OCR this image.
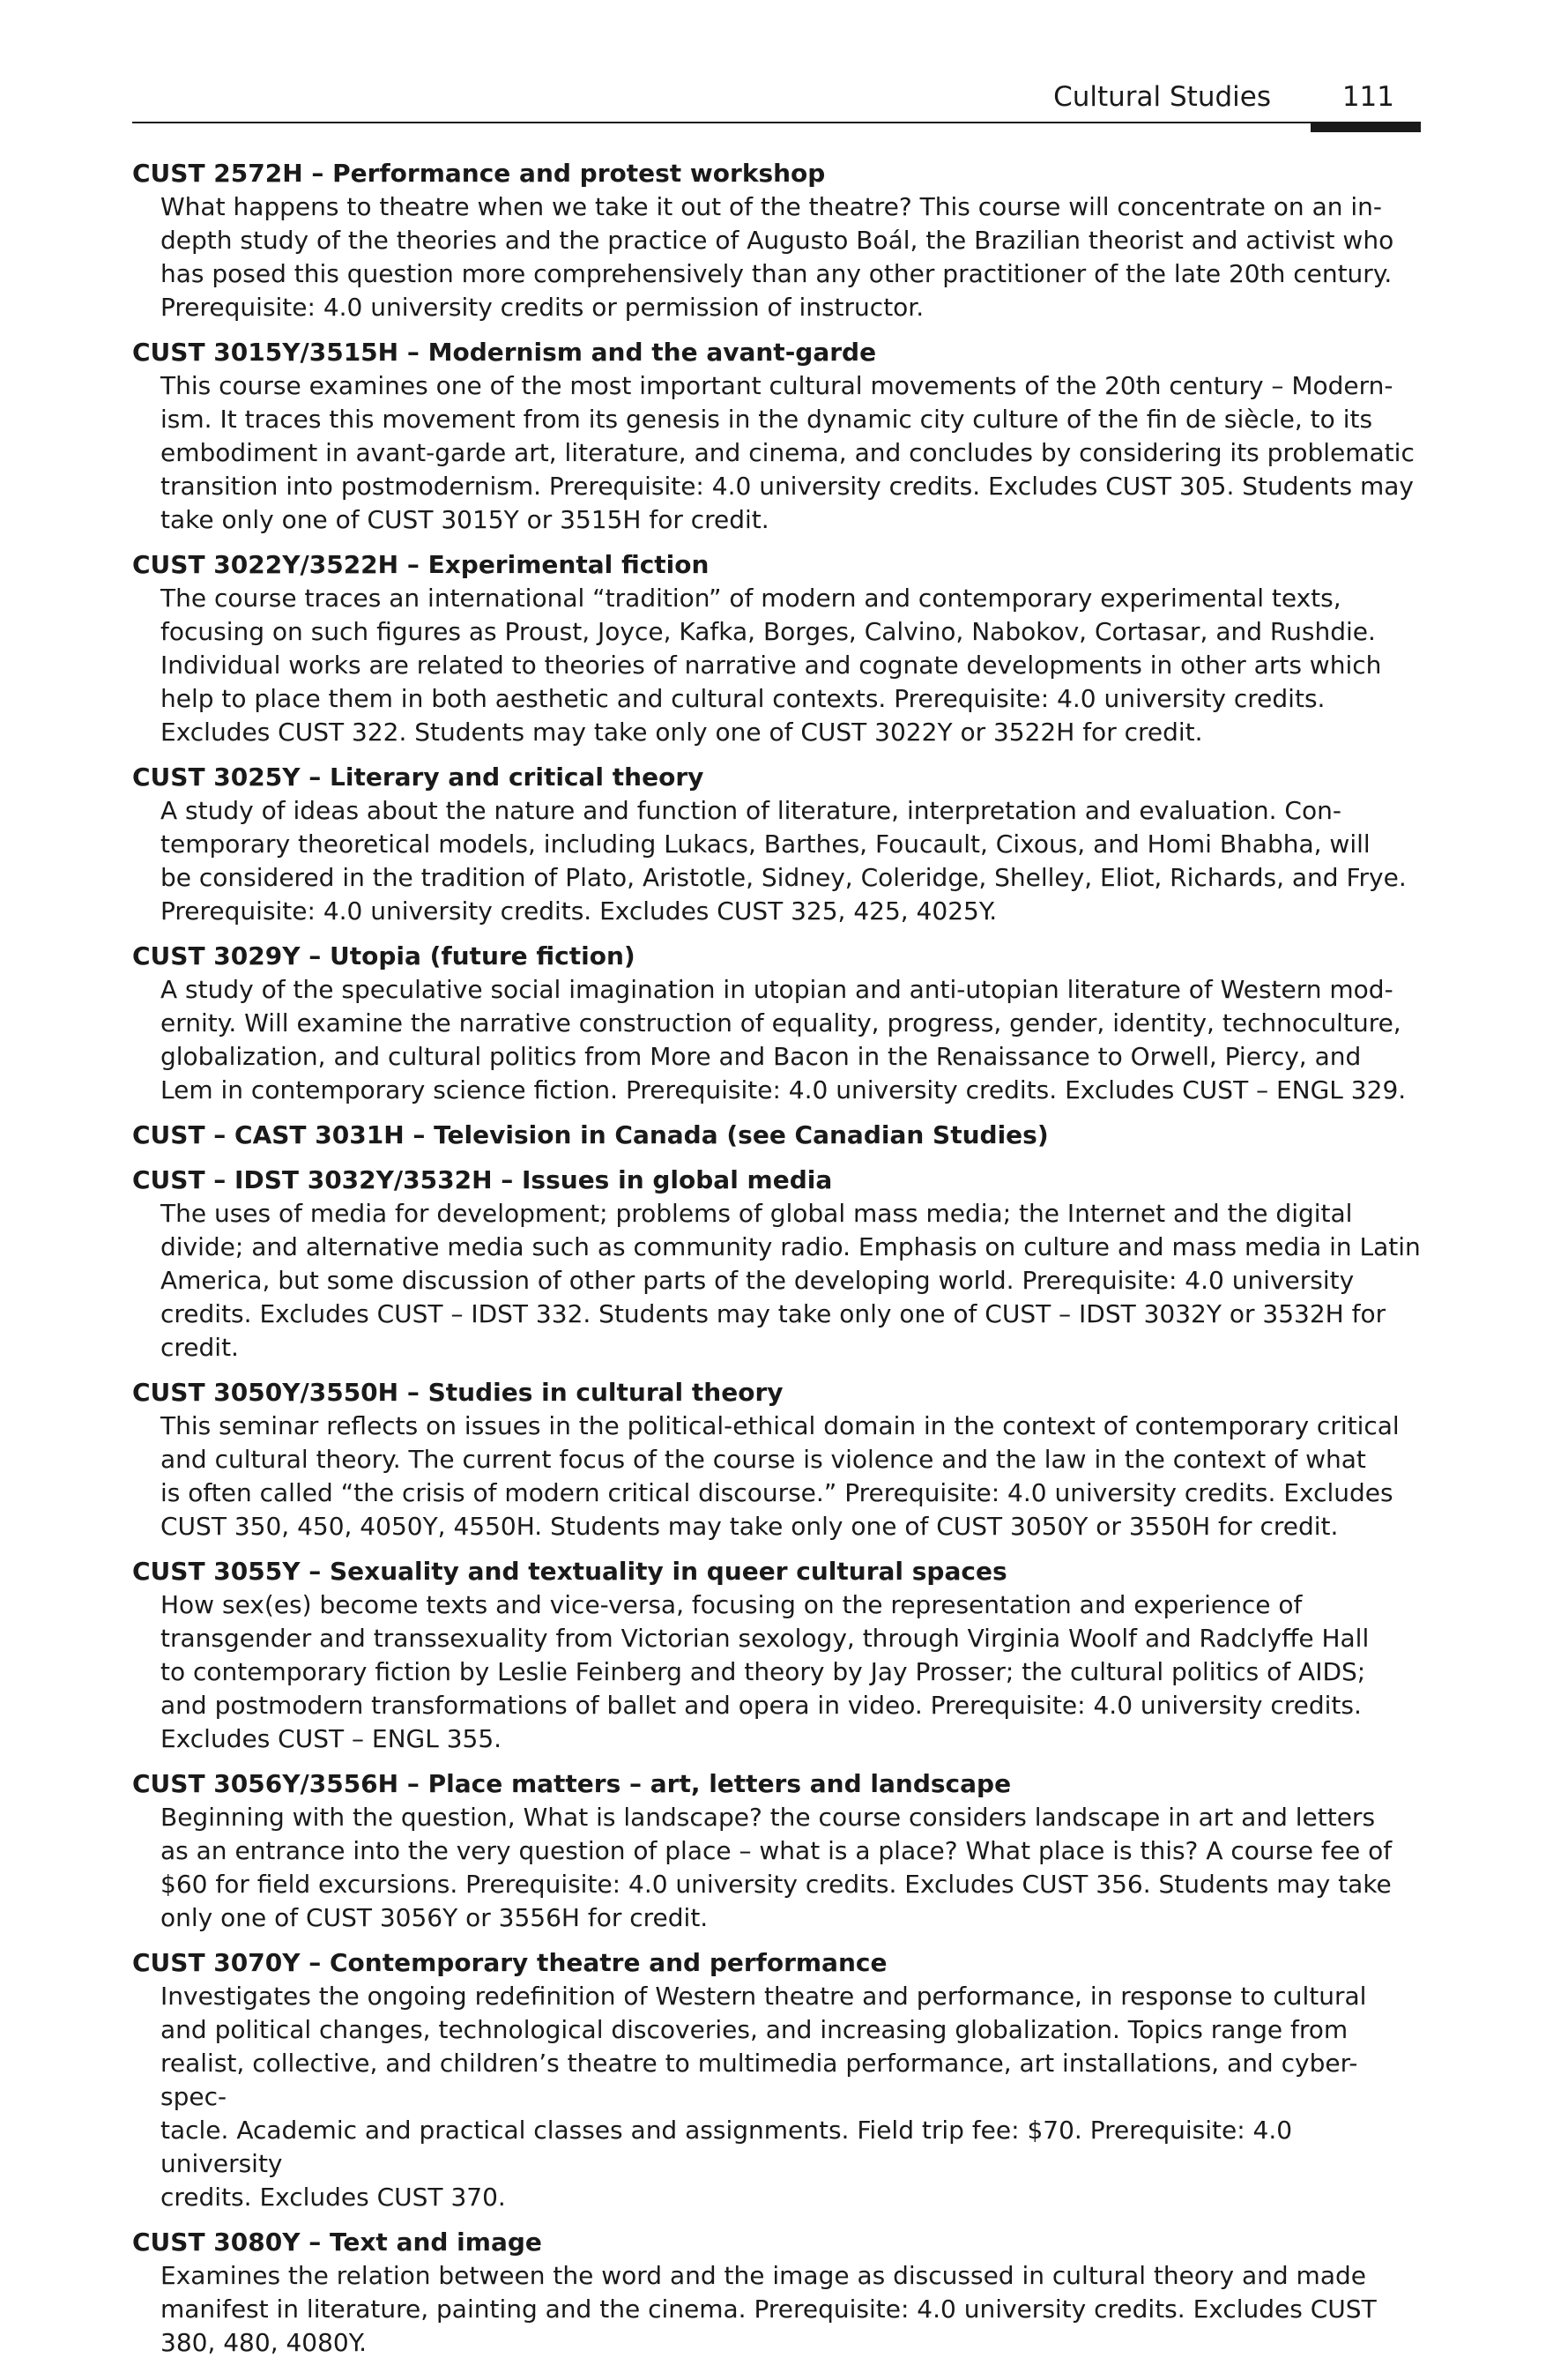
Cultural Studies	111
CUST 2572H – Performance and protest workshop
What happens to theatre when we take it out of the theatre? This course will concentrate on an in-
depth study of the theories and the practice of Augusto Boál, the Brazilian theorist and activist who
has posed this question more comprehensively than any other practitioner of the late 20th century.
Prerequisite: 4.0 university credits or permission of instructor.
CUST 3015Y/3515H – Modernism and the avant-garde
This course examines one of the most important cultural movements of the 20th century – Modern-
ism. It traces this movement from its genesis in the dynamic city culture of the fin de siècle, to its
embodiment in avant-garde art, literature, and cinema, and concludes by considering its problematic
transition into postmodernism. Prerequisite: 4.0 university credits. Excludes CUST 305. Students may
take only one of CUST 3015Y or 3515H for credit.
CUST 3022Y/3522H – Experimental fiction
The course traces an international “tradition” of modern and contemporary experimental texts,
focusing on such figures as Proust, Joyce, Kafka, Borges, Calvino, Nabokov, Cortasar, and Rushdie.
Individual works are related to theories of narrative and cognate developments in other arts which
help to place them in both aesthetic and cultural contexts. Prerequisite: 4.0 university credits.
Excludes CUST 322. Students may take only one of CUST 3022Y or 3522H for credit.
CUST 3025Y – Literary and critical theory
A study of ideas about the nature and function of literature, interpretation and evaluation. Con-
temporary theoretical models, including Lukacs, Barthes, Foucault, Cixous, and Homi Bhabha, will
be considered in the tradition of Plato, Aristotle, Sidney, Coleridge, Shelley, Eliot, Richards, and Frye.
Prerequisite: 4.0 university credits. Excludes CUST 325, 425, 4025Y.
CUST 3029Y – Utopia (future fiction)
A study of the speculative social imagination in utopian and anti-utopian literature of Western mod-
ernity. Will examine the narrative construction of equality, progress, gender, identity, technoculture,
globalization, and cultural politics from More and Bacon in the Renaissance to Orwell, Piercy, and
Lem in contemporary science fiction. Prerequisite: 4.0 university credits. Excludes CUST – ENGL 329.
CUST – CAST 3031H – Television in Canada (see Canadian Studies)
CUST – IDST 3032Y/3532H – Issues in global media
The uses of media for development; problems of global mass media; the Internet and the digital
divide; and alternative media such as community radio. Emphasis on culture and mass media in Latin
America, but some discussion of other parts of the developing world. Prerequisite: 4.0 university
credits. Excludes CUST – IDST 332. Students may take only one of CUST – IDST 3032Y or 3532H for
credit.
CUST 3050Y/3550H – Studies in cultural theory
This seminar reflects on issues in the political-ethical domain in the context of contemporary critical
and cultural theory. The current focus of the course is violence and the law in the context of what
is often called “the crisis of modern critical discourse.” Prerequisite: 4.0 university credits. Excludes
CUST 350, 450, 4050Y, 4550H. Students may take only one of CUST 3050Y or 3550H for credit.
CUST 3055Y – Sexuality and textuality in queer cultural spaces
How sex(es) become texts and vice-versa, focusing on the representation and experience of
transgender and transsexuality from Victorian sexology, through Virginia Woolf and Radclyffe Hall
to contemporary fiction by Leslie Feinberg and theory by Jay Prosser; the cultural politics of AIDS;
and postmodern transformations of ballet and opera in video. Prerequisite: 4.0 university credits.
Excludes CUST – ENGL 355.
CUST 3056Y/3556H – Place matters – art, letters and landscape
Beginning with the question, What is landscape? the course considers landscape in art and letters
as an entrance into the very question of place – what is a place? What place is this? A course fee of
$60 for field excursions. Prerequisite: 4.0 university credits. Excludes CUST 356. Students may take
only one of CUST 3056Y or 3556H for credit.
CUST 3070Y – Contemporary theatre and performance
Investigates the ongoing redefinition of Western theatre and performance, in response to cultural
and political changes, technological discoveries, and increasing globalization. Topics range from
realist, collective, and children’s theatre to multimedia performance, art installations, and cyber-spec-
tacle. Academic and practical classes and assignments. Field trip fee: $70. Prerequisite: 4.0 university
credits. Excludes CUST 370.
CUST 3080Y – Text and image
Examines the relation between the word and the image as discussed in cultural theory and made
manifest in literature, painting and the cinema. Prerequisite: 4.0 university credits. Excludes CUST
380, 480, 4080Y.
